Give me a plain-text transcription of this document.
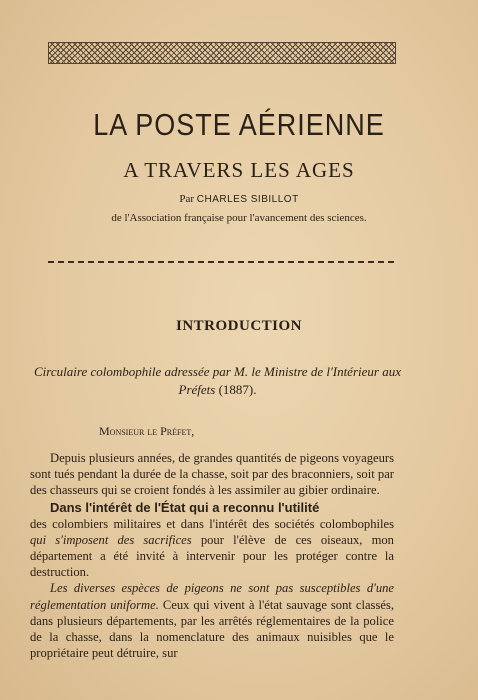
LA POSTE AÉRIENNE
A TRAVERS LES AGES
Par CHARLES SIBILLOT
de l'Association française pour l'avancement des sciences.
INTRODUCTION
Circulaire colombophile adressée par M. le Ministre de l'Intérieur aux Préfets (1887).
Monsieur le Préfet,

Depuis plusieurs années, de grandes quantités de pigeons voyageurs sont tués pendant la durée de la chasse, soit par des braconniers, soit par des chasseurs qui se croient fondés à les assimiler au gibier ordinaire.

Dans l'intérêt de l'État qui a reconnu l'utilité

des colombiers militaires et dans l'intérêt des sociétés colombophiles qui s'imposent des sacrifices pour l'élève de ces oiseaux, mon département a été invité à intervenir pour les protéger contre la destruction.

Les diverses espèces de pigeons ne sont pas susceptibles d'une réglementation uniforme. Ceux qui vivent à l'état sauvage sont classés, dans plusieurs départements, par les arrêtés réglementaires de la police de la chasse, dans la nomenclature des animaux nuisibles que le propriétaire peut détruire, sur
